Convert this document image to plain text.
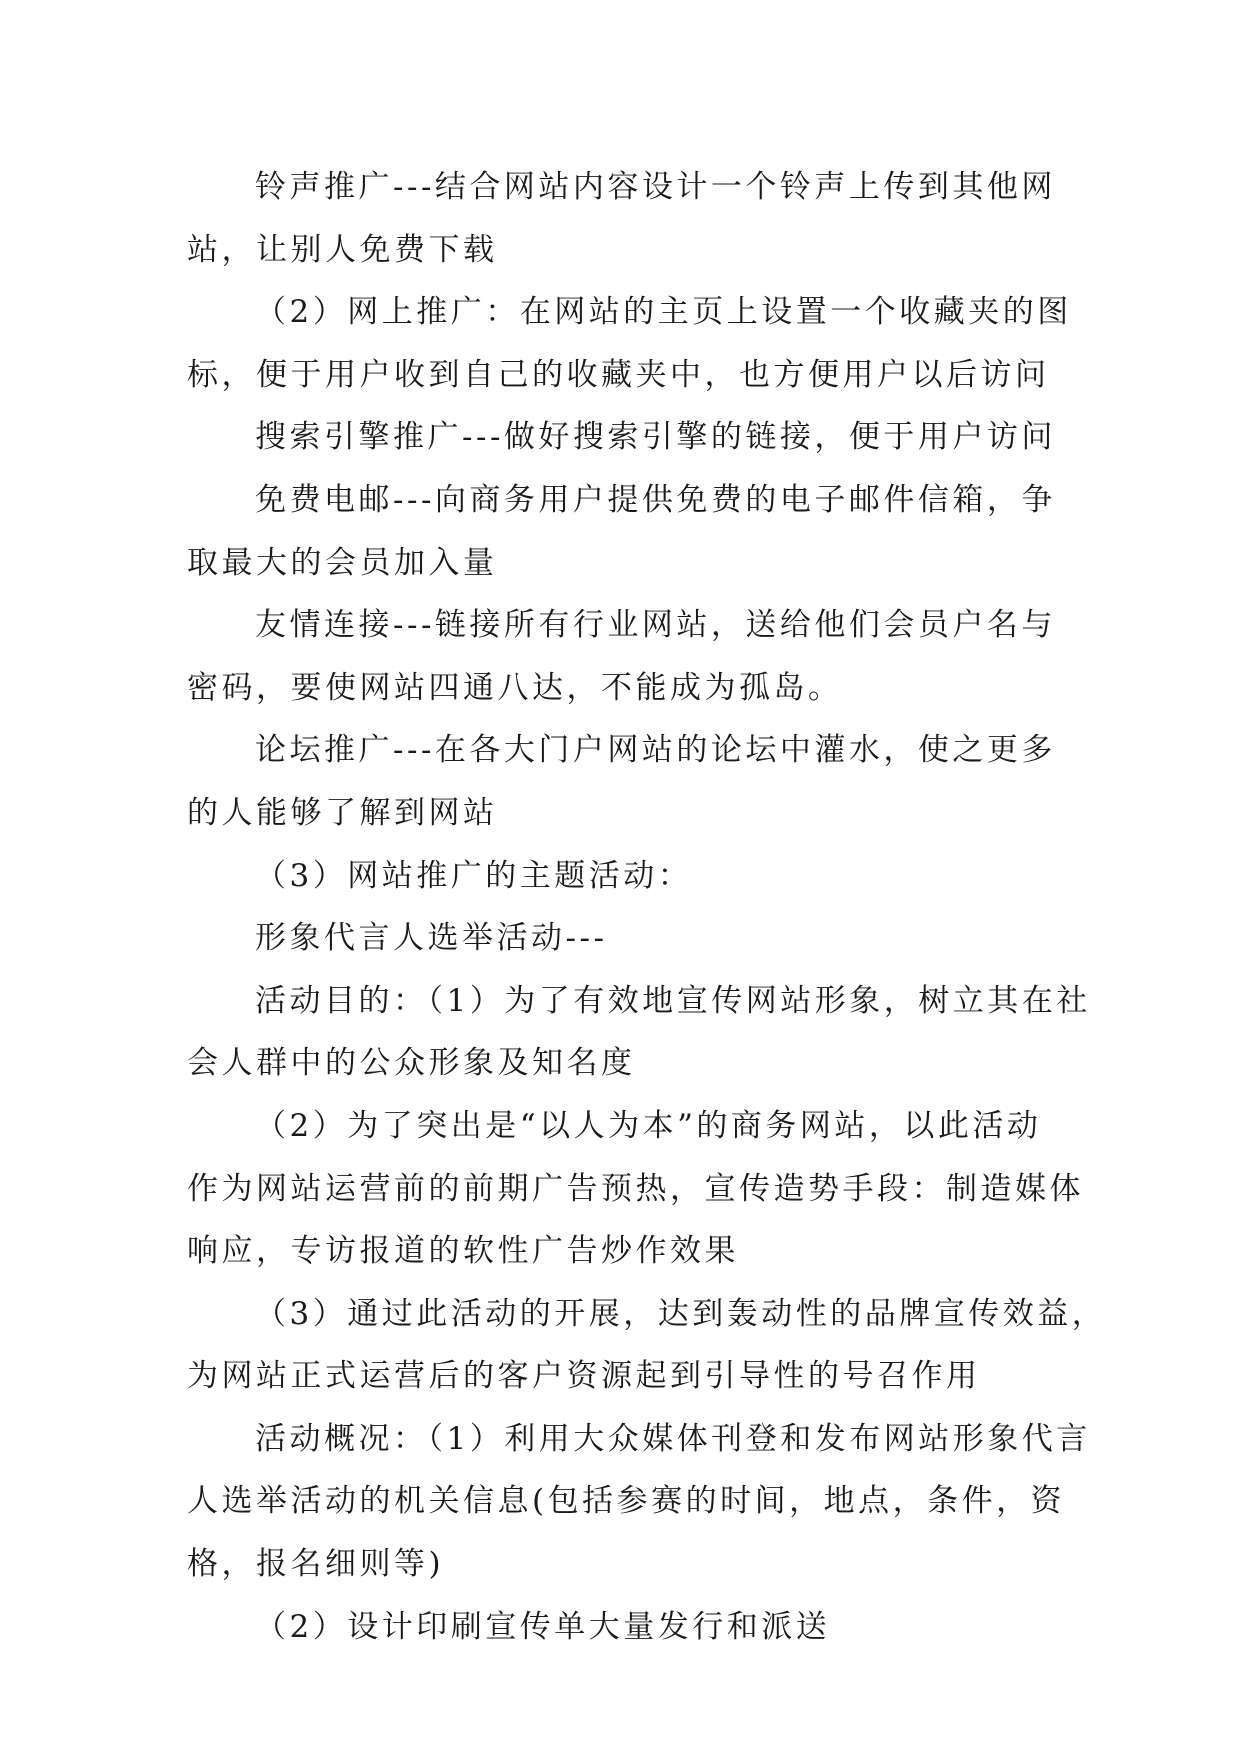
铃声推广---结合网站内容设计一个铃声上传到其他网
站，让别人免费下载
（2）网上推广：在网站的主页上设置一个收藏夹的图
标，便于用户收到自己的收藏夹中，也方便用户以后访问
搜索引擎推广---做好搜索引擎的链接，便于用户访问
免费电邮---向商务用户提供免费的电子邮件信箱，争
取最大的会员加入量
友情连接---链接所有行业网站，送给他们会员户名与
密码，要使网站四通八达，不能成为孤岛。
论坛推广---在各大门户网站的论坛中灌水，使之更多
的人能够了解到网站
（3）网站推广的主题活动：
形象代言人选举活动---
活动目的：（1）为了有效地宣传网站形象，树立其在社
会人群中的公众形象及知名度
（2）为了突出是“以人为本”的商务网站，以此活动
作为网站运营前的前期广告预热，宣传造势手段：制造媒体
响应，专访报道的软性广告炒作效果
（3）通过此活动的开展，达到轰动性的品牌宣传效益，
为网站正式运营后的客户资源起到引导性的号召作用
活动概况：（1）利用大众媒体刊登和发布网站形象代言
人选举活动的机关信息(包括参赛的时间，地点，条件，资
格，报名细则等)
（2）设计印刷宣传单大量发行和派送
